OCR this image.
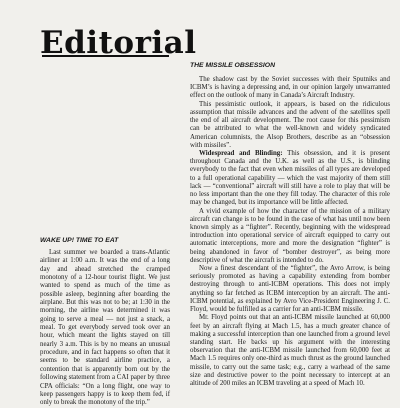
Editorial
WAKE UP! TIME TO EAT

Last summer we boarded a trans-Atlantic airliner at 1:00 a.m. It was the end of a long day and ahead stretched the cramped monotony of a 12-hour tourist flight. We just wanted to spend as much of the time as possible asleep, beginning after boarding the airplane. But this was not to be; at 1:30 in the morning, the airline was determined it was going to serve a meal — not just a snack, a meal. To get everybody served took over an hour, which meant the lights stayed on till nearly 3 a.m. This is by no means an unusual procedure, and in fact happens so often that it seems to be standard airline practice, a contention that is apparently born out by the following statement from a CAI paper by three CPA officials: “On a long flight, one way to keep passengers happy is to keep them fed, if only to break the monotony of the trip.”

THE MISSILE OBSESSION

The shadow cast by the Soviet successes with their Sputniks and ICBM’s is having a depressing and, in our opinion largely unwarranted effect on the outlook of many in Canada’s Aircraft Industry.

This pessimistic outlook, it appears, is based on the ridiculous assumption that missile advances and the advent of the satellites spell the end of all aircraft development. The root cause for this pessimism can be attributed to what the well-known and widely syndicated American columnists, the Alsop Brothers, describe as an “obsession with missiles”.

Widespread and Blinding: This obsession, and it is present throughout Canada and the U.K. as well as the U.S., is blinding everybody to the fact that even when missiles of all types are developed to a full operational capability — which the vast majority of them still lack — “conventional” aircraft will still have a role to play that will be no less important than the one they fill today. The character of this role may be changed, but its importance will be little affected.

A vivid example of how the character of the mission of a military aircraft can change is to be found in the case of what has until now been known simply as a “fighter”. Recently, beginning with the widespread introduction into operational service of aircraft equipped to carry out automatic interceptions, more and more the designation “fighter” is being abandoned in favor of “bomber destroyer”, as being more descriptive of what the aircraft is intended to do.

Now a finest descendant of the “fighter”, the Avro Arrow, is being seriously promoted as having a capability extending from bomber destroying through to anti-ICBM operations. This does not imply anything so far fetched as ICBM interception by an aircraft. The anti-ICBM potential, as explained by Avro Vice-President Engineering J. C. Floyd, would be fulfilled as a carrier for an anti-ICBM missile.

Mr. Floyd points out that an anti-ICBM missile launched at 60,000 feet by an aircraft flying at Mach 1.5, has a much greater chance of making a successful interception than one launched from a ground level standing start. He backs up his argument with the interesting observation that the anti-ICBM missile launched from 60,000 feet at Mach 1.5 requires only one-third as much thrust as the ground launched missile, to carry out the same task; e.g., carry a warhead of the same size and destructive power to the point necessary to intercept at an altitude of 200 miles an ICBM traveling at a speed of Mach 10.
